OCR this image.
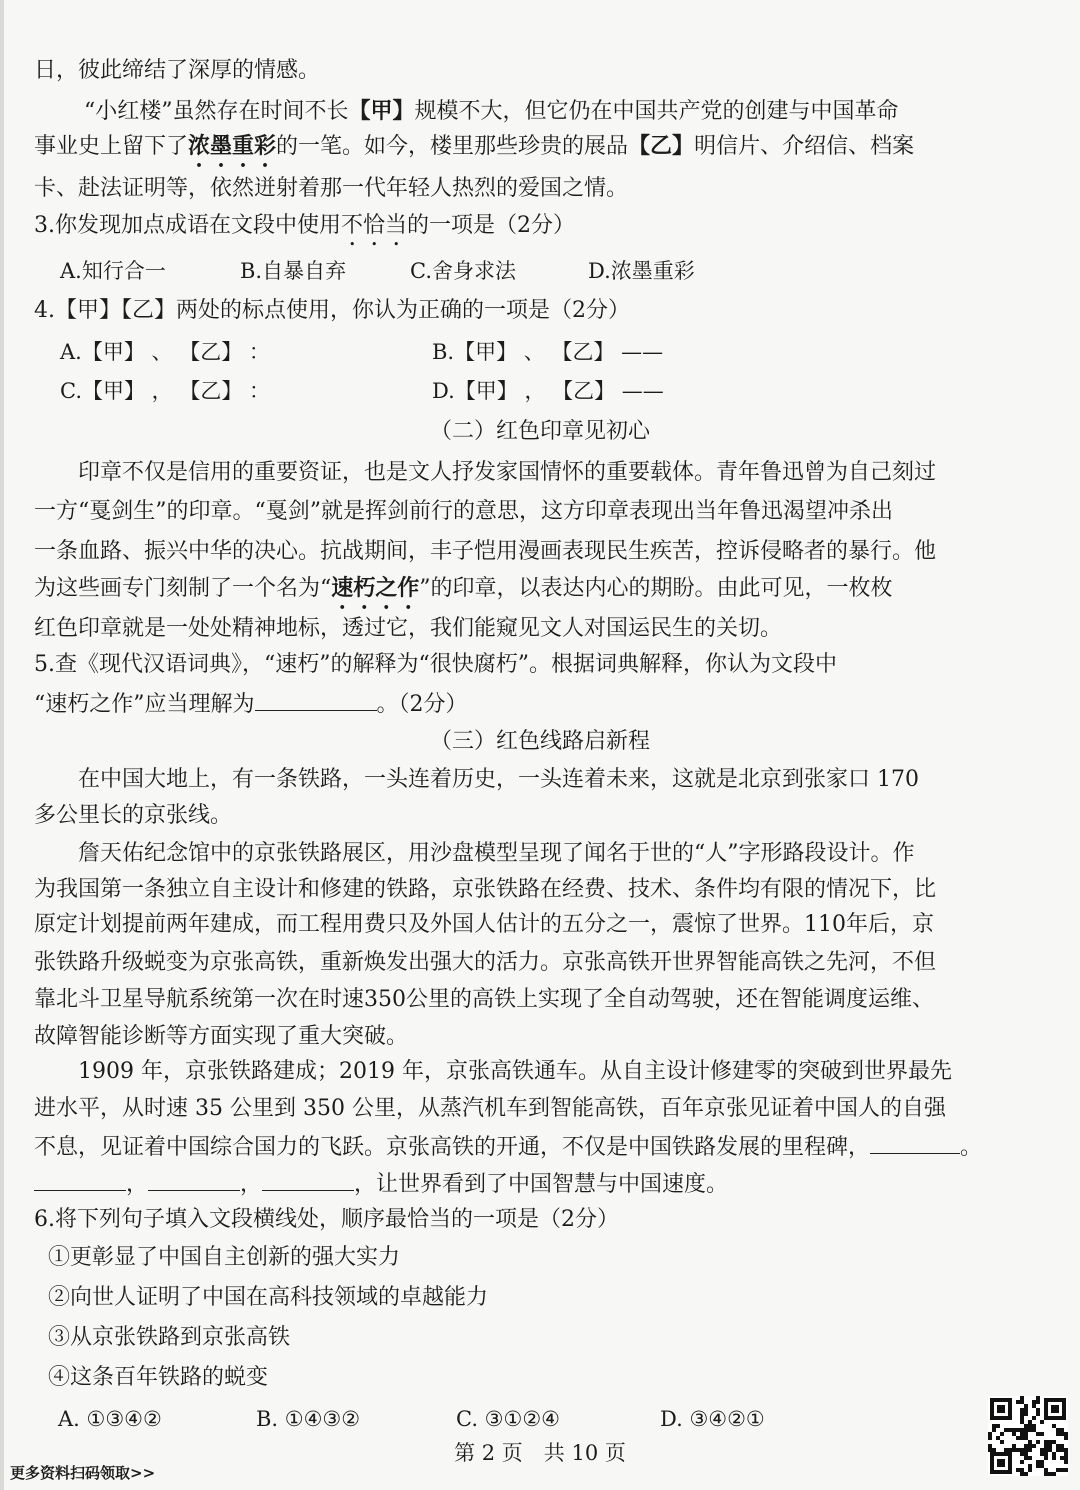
日，彼此缔结了深厚的情感。
“小红楼”虽然存在时间不长【甲】规模不大，但它仍在中国共产党的创建与中国革命
事业史上留下了浓墨重彩的一笔。如今，楼里那些珍贵的展品【乙】明信片、介绍信、档案
卡、赴法证明等，依然迸射着那一代年轻人热烈的爱国之情。
3.你发现加点成语在文段中使用不恰当的一项是（2分）
A.知行合一	B.自暴自弃	C.舍身求法	D.浓墨重彩
4.【甲】【乙】两处的标点使用，你认为正确的一项是（2分）
A.【甲】 、 【乙】 ：	B.【甲】 、 【乙】 ——
C.【甲】 ， 【乙】 ：	D.【甲】 ， 【乙】 ——
（二）红色印章见初心
印章不仅是信用的重要资证，也是文人抒发家国情怀的重要载体。青年鲁迅曾为自己刻过
一方“戛剑生”的印章。“戛剑”就是挥剑前行的意思，这方印章表现出当年鲁迅渴望冲杀出
一条血路、振兴中华的决心。抗战期间，丰子恺用漫画表现民生疾苦，控诉侵略者的暴行。他
为这些画专门刻制了一个名为“速朽之作”的印章，以表达内心的期盼。由此可见，一枚枚
红色印章就是一处处精神地标，透过它，我们能窥见文人对国运民生的关切。
5.查《现代汉语词典》，“速朽”的解释为“很快腐朽”。根据词典解释，你认为文段中
“速朽之作”应当理解为	。（2分）
（三）红色线路启新程
在中国大地上，有一条铁路，一头连着历史，一头连着未来，这就是北京到张家口 170
多公里长的京张线。
詹天佑纪念馆中的京张铁路展区，用沙盘模型呈现了闻名于世的“人”字形路段设计。作
为我国第一条独立自主设计和修建的铁路，京张铁路在经费、技术、条件均有限的情况下，比
原定计划提前两年建成，而工程用费只及外国人估计的五分之一，震惊了世界。110年后，京
张铁路升级蜕变为京张高铁，重新焕发出强大的活力。京张高铁开世界智能高铁之先河，不但
靠北斗卫星导航系统第一次在时速350公里的高铁上实现了全自动驾驶，还在智能调度运维、
故障智能诊断等方面实现了重大突破。
1909 年，京张铁路建成；2019 年，京张高铁通车。从自主设计修建零的突破到世界最先
进水平，从时速 35 公里到 350 公里，从蒸汽机车到智能高铁，百年京张见证着中国人的自强
不息，见证着中国综合国力的飞跃。京张高铁的开通，不仅是中国铁路发展的里程碑，	。
，	，	，让世界看到了中国智慧与中国速度。
6.将下列句子填入文段横线处，顺序最恰当的一项是（2分）
①更彰显了中国自主创新的强大实力
②向世人证明了中国在高科技领域的卓越能力
③从京张铁路到京张高铁
④这条百年铁路的蜕变
A. ①③④②	B. ①④③②	C. ③①②④	D. ③④②①
第 2 页　共 10 页
更多资料扫码领取>>
